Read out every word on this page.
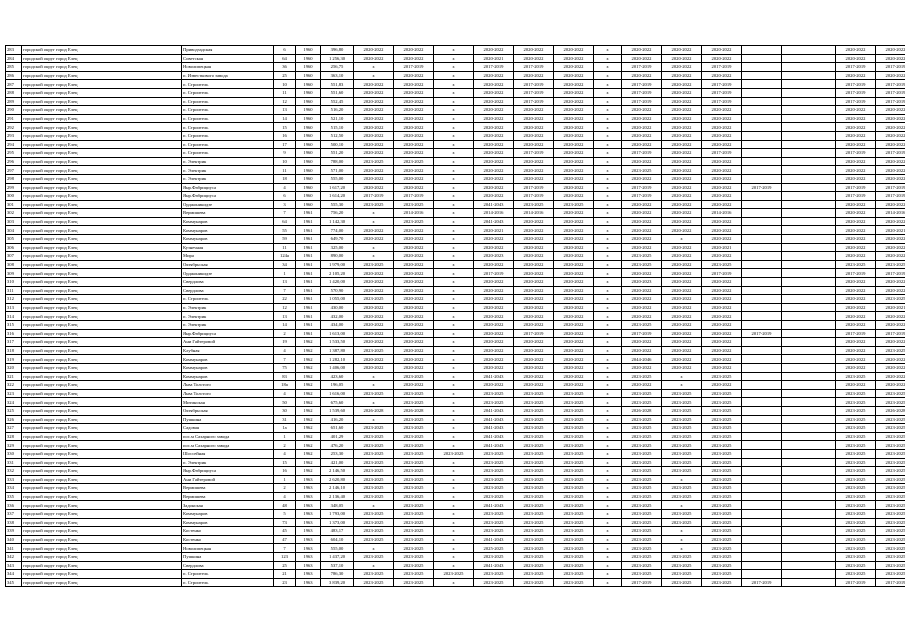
283	городской округ город Елец	Приводзадская	6	1960	396,80	2020-2022	2020-2022	х	2020-2022	2020-2022	2020-2022	х	2020-2022	2020-2022	2020-2022			2020-2022	2020-2022
284	городской округ город Елец	Советская	64	1960	1 256,30	2020-2022	2020-2022	х	2020-2021	2020-2022	2020-2022	х	2020-2022	2020-2022	2020-2022			2020-2022	2020-2022
285	городской округ город Елец	Новолипецкая	36	1960	256,75	х	2017-2019	х	2017-2019	2017-2019	2020-2022	х	2017-2019	2020-2022	2017-2019			2017-2019	2017-2019
286	городской округ город Елец	п. Известкового завода	25	1960	363,10	х	2020-2022	х	2020-2022	2020-2022	2020-2022	х	2020-2022	2020-2022	2020-2022			2020-2022	2020-2022
287	городской округ город Елец	п. Строитель	10	1960	551,83	2020-2022	2020-2022	х	2020-2022	2017-2019	2020-2022	х	2017-2019	2020-2022	2017-2019			2017-2019	2017-2019
288	городской округ город Елец	п. Строитель	11	1960	551,60	2020-2022	2020-2022	х	2020-2022	2017-2019	2020-2022	х	2017-2019	2020-2022	2017-2019			2017-2019	2017-2019
289	городской округ город Елец	п. Строитель	12	1960	552,45	2020-2022	2020-2022	х	2020-2022	2017-2019	2020-2022	х	2017-2019	2020-2022	2017-2019			2017-2019	2017-2019
290	городской округ город Елец	п. Строитель	13	1960	516,20	2020-2022	2020-2022	х	2020-2022	2020-2022	2020-2022	х	2020-2022	2020-2022	2020-2022			2020-2022	2020-2022
291	городской округ город Елец	п. Строитель	14	1960	521,10	2020-2022	2020-2022	х	2020-2022	2020-2022	2020-2022	х	2020-2022	2020-2022	2020-2022			2020-2022	2020-2022
292	городской округ город Елец	п. Строитель	15	1960	515,10	2020-2022	2020-2022	х	2020-2022	2020-2022	2020-2022	х	2020-2022	2020-2022	2020-2022			2020-2022	2020-2022
293	городской округ город Елец	п. Строитель	16	1960	512,50	2020-2022	2020-2022	х	2020-2022	2020-2022	2020-2022	х	2020-2022	2020-2022	2020-2022			2020-2022	2020-2022
294	городской округ город Елец	п. Строитель	17	1960	500,10	2020-2022	2020-2022	х	2020-2022	2020-2022	2020-2022	х	2020-2022	2020-2022	2020-2022			2020-2022	2020-2022
295	городской округ город Елец	п. Строитель	9	1960	551,20	2020-2022	2020-2022	х	2020-2022	2017-2019	2020-2022	х	2017-2019	2020-2022	2017-2019			2017-2019	2017-2019
296	городской округ город Елец	п. Электрик	10	1960	788,00	2023-2025	2023-2025	х	2020-2022	2020-2022	2020-2022	х	2020-2022	2020-2022	2020-2022			2020-2022	2020-2022
297	городской округ город Елец	п. Электрик	11	1960	571,00	2020-2022	2020-2022	х	2020-2022	2020-2022	2020-2022	х	2023-2025	2020-2022	2020-2022			2020-2022	2020-2022
298	городской округ город Елец	п. Электрик	18	1960	555,00	2020-2022	2020-2022	х	2020-2022	2020-2022	2020-2022	х	2020-2022	2020-2022	2020-2022			2020-2022	2020-2022
299	городской округ город Елец	Янр.Фабрициуса	4	1960	1 617,20	2020-2022	2020-2022	х	2020-2022	2017-2019	2020-2022	х	2017-2019	2020-2022	2020-2022	2017-2019		2017-2019	2017-2019
300	городской округ город Елец	Янр.Фабрициуса	6	1960	1 614,20	2017-2019	2017-2019	х	2020-2022	2017-2019	2020-2022	х	2017-2019	2020-2022	2020-2022			2017-2019	2017-2019
301	городской округ город Елец	Орджоникидзе	3	1960	555,30	2023-2025	2023-2025	х	2041-2043	2023-2025	2023-2025	х	2020-2022	2020-2022	2020-2022			2020-2022	2020-2022
302	городской округ город Елец	Вермишева	7	1961	756,20	х	2014-2016	х	2014-2016	2014-2016	2020-2022	х	2020-2022	2020-2022	2014-2016			2020-2022	2014-2016
303	городской округ город Елец	Коммунаров	64	1961	1 142,30	х	2023-2025	х	2041-2043	2020-2022	2020-2022	х	2020-2022	2020-2022	2020-2022			2020-2022	2020-2022
304	городской округ город Елец	Коммунаров	55	1961	774,00	2020-2022	2020-2022	х	2020-2021	2020-2022	2020-2022	х	2020-2022	2020-2022	2020-2022			2020-2022	2020-2021
305	городской округ город Елец	Коммунаров	59	1961	649,70	2020-2022	2020-2022	х	2020-2022	2020-2022	2020-2022	х	2020-2022	х	2020-2022			2020-2022	2020-2022
306	городской округ город Елец	Кузнечная	11	1961	325,00	х	2020-2022	х	2020-2022	2020-2022	2020-2022	х	2020-2022	2020-2022	2020-2021			2020-2022	2020-2022
307	городской округ город Елец	Мира	124а	1961	890,00	х	2020-2022	х	2020-2023	2020-2022	2020-2022	х	2023-2025	2020-2022	2020-2022			2020-2022	2020-2022
308	городской округ город Елец	Октябрьская	34	1961	1 979,00	2023-2025	2020-2022	х	2020-2022	2020-2022	2020-2022	х	2023-2025	2020-2022	2023-2025			2023-2025	2023-2025
309	городской округ город Елец	Орджоникидзе	1	1961	2 105,20	2020-2022	2020-2022	х	2017-2019	2020-2022	2020-2022	х	2020-2022	2020-2022	2017-2019			2017-2019	2017-2019
310	городской округ город Елец	Свердлова	13	1961	1 420,00	2020-2022	2020-2022	х	2020-2022	2020-2022	2020-2022	х	2020-2023	2020-2022	2020-2022			2020-2022	2020-2022
311	городской округ город Елец	Свердлова	7	1961	570,90	2020-2022	2020-2022	х	2020-2022	2020-2022	2020-2022	х	2020-2022	2020-2022	2020-2022			2020-2022	2020-2022
312	городской округ город Елец	п. Строитель	22	1961	1 055,00	2023-2025	2020-2022	х	2020-2022	2020-2022	2020-2022	х	2020-2022	2020-2022	2020-2022			2020-2022	2023-2025
313	городской округ город Елец	п. Электрик	12	1961	430,00	2020-2022	2020-2022	х	2020-2022	2020-2022	2020-2022	х	2020-2022	2020-2022	2020-2022			2020-2022	2020-2021
314	городской округ город Елец	п. Электрик	13	1961	432,00	2020-2022	2020-2022	х	2020-2022	2020-2022	2020-2022	х	2020-2022	2020-2022	2020-2022			2020-2022	2020-2022
315	городской округ город Елец	п. Электрик	14	1961	434,00	2020-2022	2020-2022	х	2020-2022	2020-2022	2020-2022	х	2023-2025	2020-2022	2020-2022			2020-2022	2020-2022
316	городской округ город Елец	Янр.Фабрициуса	2	1961	1 613,00	2020-2022	2020-2022	х	2020-2022	2017-2019	2020-2022	х	2017-2019	2020-2022	2020-2022	2017-2019		2017-2019	2017-2019
317	городской округ город Елец	Ани Гайтеровой	19	1962	1 533,50	2020-2022	2020-2022	х	2020-2022	2020-2022	2020-2022	х	2020-2022	2020-2022	2020-2022			2020-2022	2020-2022
318	городской округ город Елец	Клубная	4	1962	1 387,80	2023-2025	2020-2022	х	2020-2022	2020-2022	2020-2022	х	2020-2022	2020-2022	2020-2022			2020-2022	2023-2025
319	городской округ город Елец	Коммунаров	7	1962	1 282,10	2020-2022	2020-2022	х	2020-2022	2020-2022	2020-2022	х	2044-2046	2020-2022	2020-2022			2020-2022	2020-2022
320	городской округ город Елец	Коммунаров	75	1962	1 406,00	2020-2022	2020-2022	х	2020-2022	2020-2022	2020-2022	х	2020-2022	2020-2022	2020-2022			2020-2022	2020-2022
321	городской округ город Елец	Коммунаров	83	1962	423,60	х	2023-2025	х	2041-2043	2020-2022	2020-2022	х	2023-2025	х	2023-2025			2023-2025	2020-2022
322	городской округ город Елец	Льва Толстого	18а	1962	196,05	х	2020-2022	х	2020-2022	2020-2022	2020-2022	х	2020-2022	х	2020-2022			2020-2022	2020-2022
323	городской округ город Елец	Льва Толстого	4	1962	1 616,00	2023-2025	2023-2025	х	2023-2025	2023-2025	2023-2025	х	2023-2025	2023-2025	2023-2025			2023-2025	2023-2025
324	городской округ город Елец	Митинская	50	1962	675,60	х	2023-2025	х	2023-2025	2023-2025	2023-2025	х	2023-2025	2023-2025	2023-2025			2023-2025	2023-2025
325	городской округ город Елец	Октябрьская	30	1962	1 539,60	2026-2028	2026-2028	х	2041-2043	2023-2025	2023-2025	х	2026-2028	2023-2025	2023-2025			2023-2025	2026-2028
326	городской округ город Елец	Пушкина	31	1962	416,20	х	2023-2025	х	2041-2043	2023-2025	2023-2025	х	2023-2025	2023-2025	2023-2025			2023-2025	2023-2025
327	городской округ город Елец	Садовая	1а	1962	651,60	2023-2025	2023-2025	х	2041-2043	2023-2025	2023-2025	х	2023-2025	2023-2025	2023-2025			2023-2025	2023-2025
328	городской округ город Елец	пос.м Сахарного завода	1	1962	401,29	2023-2025	2023-2025	х	2041-2043	2023-2025	2023-2025	х	2023-2025	2023-2025	2023-2025			2023-2025	2023-2025
329	городской округ город Елец	пос.м Сахарного завода	2	1962	476,20	2023-2025	2023-2025	х	2041-2043	2023-2025	2023-2025	х	2023-2025	2023-2025	2023-2025			2023-2025	2023-2025
330	городской округ город Елец	Шоссейная	4	1962	253,30	2023-2025	2023-2025	2023-2025	2023-2025	2023-2025	2023-2025	х	2023-2025	2023-2025	2023-2025			2023-2025	2023-2025
331	городской округ город Елец	п. Электрик	15	1962	421,00	2023-2025	2023-2025	х	2023-2025	2023-2025	2023-2025	х	2023-2025	2023-2025	2023-2025			2023-2025	2023-2025
332	городской округ город Елец	Янр.Фабрициуса	16	1962	2 146,50	2023-2025	2023-2025	х	2023-2025	2023-2025	2023-2025	х	2023-2025	2023-2025	2023-2025			2023-2025	2023-2025
333	городской округ город Елец	Ани Гайтеровой	1	1963	2 620,80	2023-2025	2023-2025	х	2023-2025	2023-2025	2023-2025	х	2023-2025	х	2023-2025			2023-2025	2023-2025
334	городской округ город Елец	Вермишева	2	1963	2 146,10	2023-2025	2023-2025	х	2023-2025	2023-2025	2023-2025	х	2023-2025	2023-2025	2023-2025			2023-2025	2023-2025
335	городской округ город Елец	Вермишева	4	1963	2 136,40	2023-2025	2023-2025	х	2023-2025	2023-2025	2023-2025	х	2023-2025	2023-2025	2023-2025			2023-2025	2023-2025
336	городской округ город Елец	Задонская	48	1963	348,05	х	2023-2025	х	2041-2043	2023-2025	2023-2025	х	2023-2025	х	2023-2025			2023-2025	2023-2025
337	городской округ город Елец	Коммунаров	5	1963	1 793,00	2023-2025	2023-2025	х	2023-2025	2023-2025	2023-2025	х	2023-2025	2023-2025	2023-2025			2023-2025	2023-2025
338	городской округ город Елец	Коммунаров	73	1963	1 373,00	2023-2025	2023-2025	х	2023-2025	2023-2025	2023-2025	х	2023-2025	2023-2025	2023-2025			2023-2025	2023-2025
339	городской округ город Елец	Костенко	45	1963	483,17	2023-2025	2023-2025	х	2023-2025	2023-2025	2023-2025	х	2023-2025	х	2023-2025			2023-2025	2023-2025
340	городской округ город Елец	Костенко	47	1963	604,10	2023-2025	2023-2025	х	2041-2043	2023-2025	2023-2025	х	2023-2025	х	2023-2025			2023-2025	2023-2025
341	городской округ город Елец	Новолипецкая	7	1963	555,00	х	2023-2025	х	2025-2025	2023-2025	2023-2025	х	2023-2025	х	2023-2025			2023-2025	2023-2025
342	городской округ город Елец	Пушкина	123	1963	1 437,20	2023-2025	2023-2025	х	2023-2025	2023-2025	2023-2025	х	2023-2025	2023-2025	2023-2025			2023-2025	2023-2025
343	городской округ город Елец	Свердлова	25	1963	537,10	х	2023-2025	х	2041-2043	2023-2025	2023-2025	х	2023-2025	2023-2025	2023-2025			2023-2025	2023-2025
344	городской округ город Елец	п. Строитель	21	1963	786,30	2023-2025	2023-2025	2023-2025	2023-2025	2023-2025	2023-2025	х	2023-2025	2023-2025	2023-2025			2023-2025	2023-2025
345	городской округ город Елец	п. Строитель	23	1963	3 839,20	2023-2025	2023-2025	х	2023-2025	2023-2025	2023-2025	х	2017-2019	2023-2025	2023-2025	2017-2019		2017-2019	2017-2019
